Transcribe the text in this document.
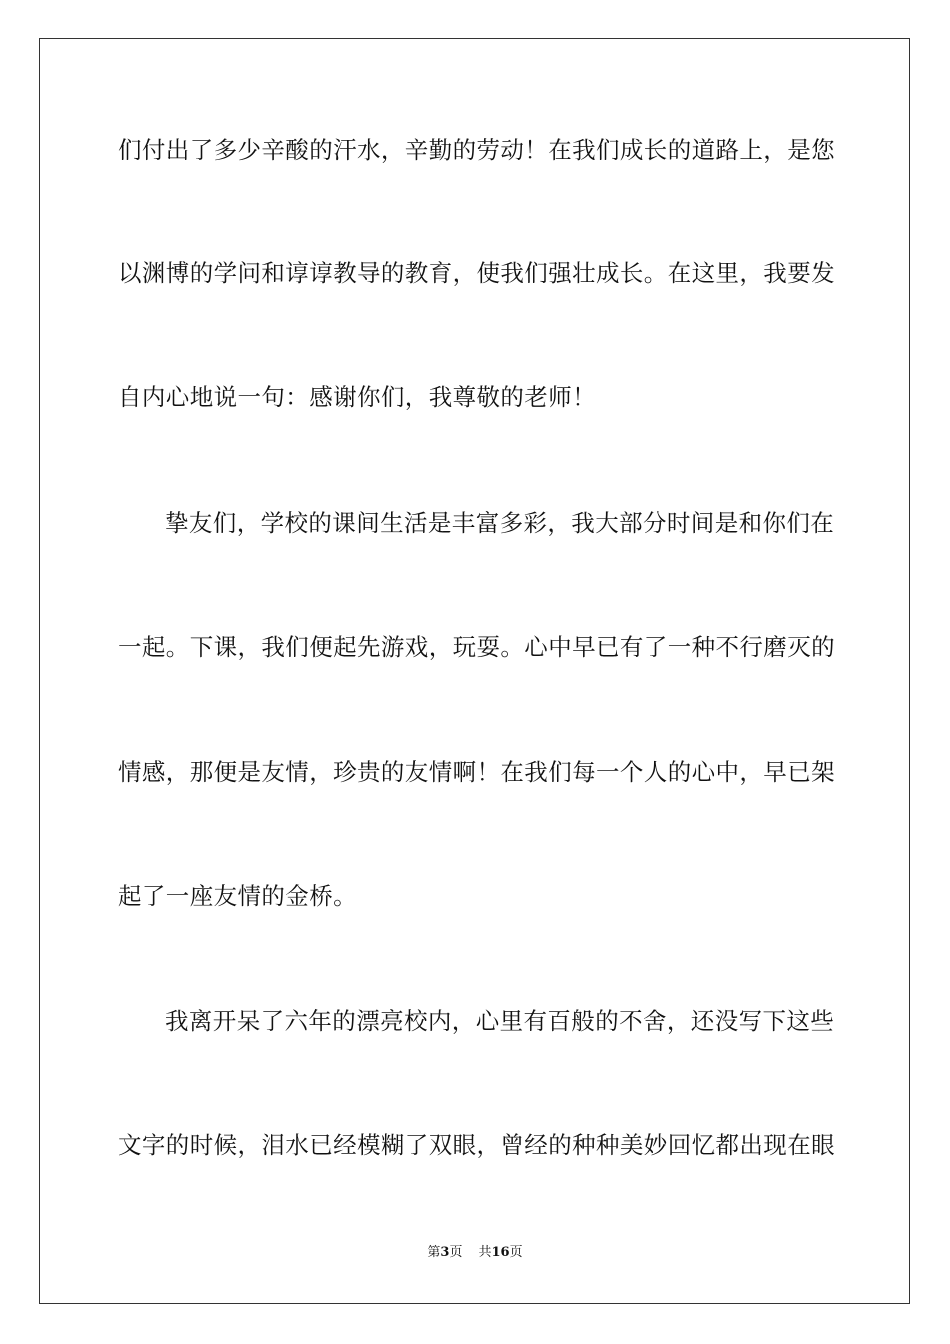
们付出了多少辛酸的汗水，辛勤的劳动！在我们成长的道路上，是您
以渊博的学问和谆谆教导的教育，使我们强壮成长。在这里，我要发
自内心地说一句：感谢你们，我尊敬的老师！
挚友们，学校的课间生活是丰富多彩，我大部分时间是和你们在
一起。下课，我们便起先游戏，玩耍。心中早已有了一种不行磨灭的
情感，那便是友情，珍贵的友情啊！在我们每一个人的心中，早已架
起了一座友情的金桥。
我离开呆了六年的漂亮校内，心里有百般的不舍，还没写下这些
文字的时候，泪水已经模糊了双眼，曾经的种种美妙回忆都出现在眼
第3页 共16页
